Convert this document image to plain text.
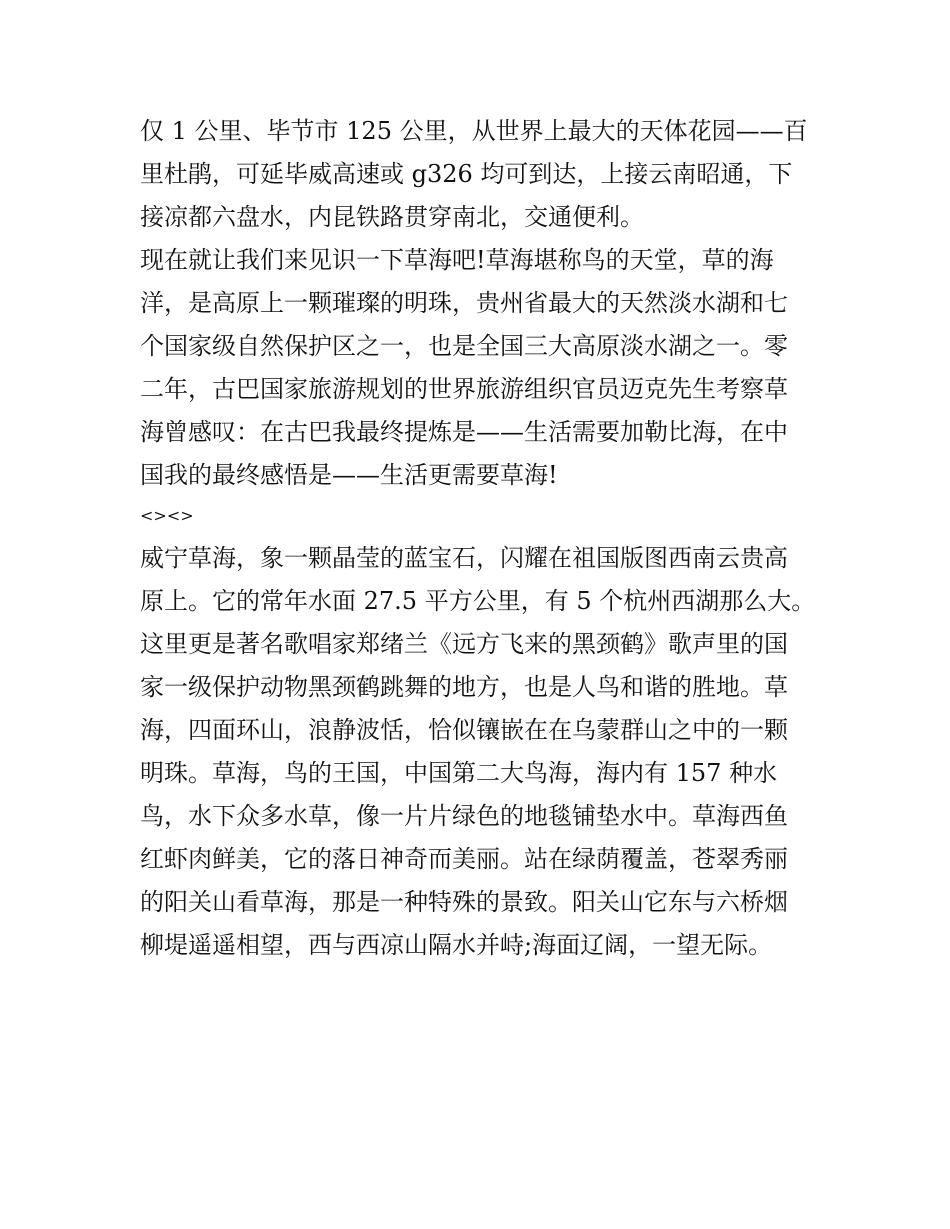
仅 1 公里、毕节市 125 公里，从世界上最大的天体花园——百
里杜鹃，可延毕威高速或 g326 均可到达，上接云南昭通，下
接凉都六盘水，内昆铁路贯穿南北，交通便利。

现在就让我们来见识一下草海吧!草海堪称鸟的天堂，草的海
洋，是高原上一颗璀璨的明珠，贵州省最大的天然淡水湖和七
个国家级自然保护区之一，也是全国三大高原淡水湖之一。零
二年，古巴国家旅游规划的世界旅游组织官员迈克先生考察草
海曾感叹：在古巴我最终提炼是——生活需要加勒比海，在中
国我的最终感悟是——生活更需要草海!

<><>

威宁草海，象一颗晶莹的蓝宝石，闪耀在祖国版图西南云贵高
原上。它的常年水面 27.5 平方公里，有 5 个杭州西湖那么大。
这里更是著名歌唱家郑绪兰《远方飞来的黑颈鹤》歌声里的国
家一级保护动物黑颈鹤跳舞的地方，也是人鸟和谐的胜地。草
海，四面环山，浪静波恬，恰似镶嵌在在乌蒙群山之中的一颗
明珠。草海，鸟的王国，中国第二大鸟海，海内有 157 种水
鸟，水下众多水草，像一片片绿色的地毯铺垫水中。草海西鱼
红虾肉鲜美，它的落日神奇而美丽。站在绿荫覆盖，苍翠秀丽
的阳关山看草海，那是一种特殊的景致。阳关山它东与六桥烟
柳堤遥遥相望，西与西凉山隔水并峙;海面辽阔，一望无际。
